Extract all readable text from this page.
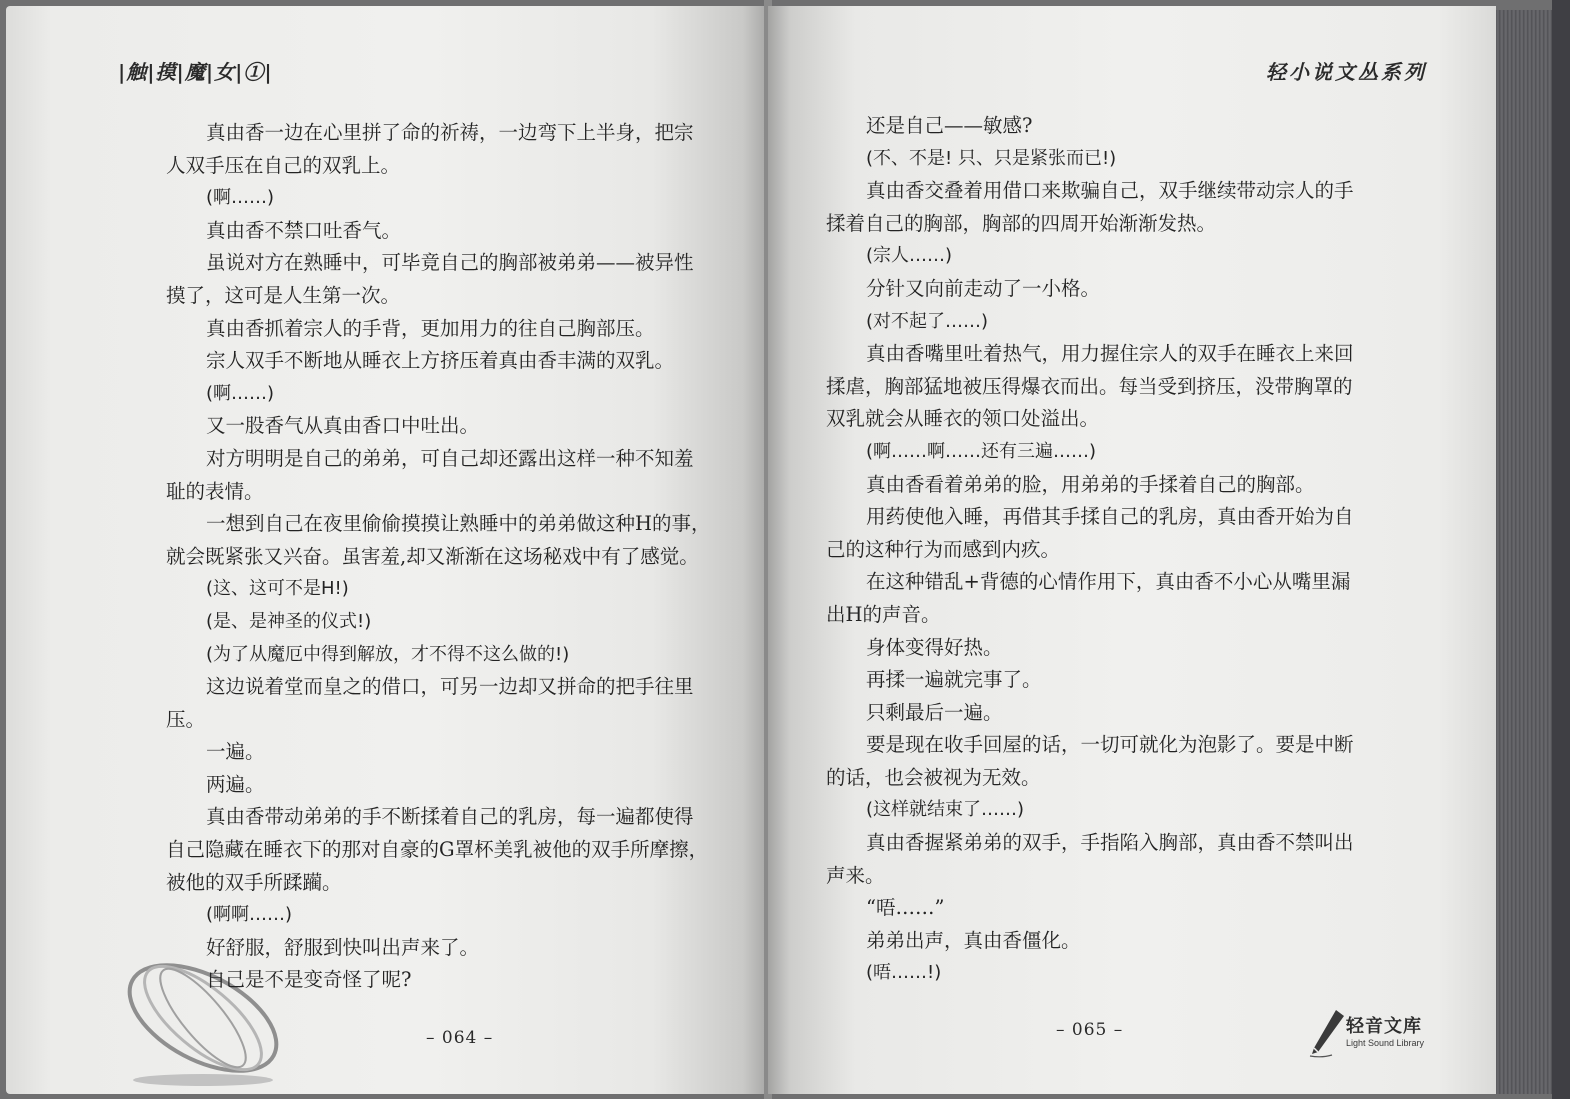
|触|摸|魔|女|①|	轻小说文丛系列
真由香一边在心里拼了命的祈祷，一边弯下上半身，把宗
人双手压在自己的双乳上。
(啊……)
真由香不禁口吐香气。
虽说对方在熟睡中，可毕竟自己的胸部被弟弟——被异性
摸了，这可是人生第一次。
真由香抓着宗人的手背，更加用力的往自己胸部压。
宗人双手不断地从睡衣上方挤压着真由香丰满的双乳。
(啊……)
又一股香气从真由香口中吐出。
对方明明是自己的弟弟，可自己却还露出这样一种不知羞
耻的表情。
一想到自己在夜里偷偷摸摸让熟睡中的弟弟做这种H的事，
就会既紧张又兴奋。虽害羞,却又渐渐在这场秘戏中有了感觉。
(这、这可不是H!)
(是、是神圣的仪式!)
(为了从魔厄中得到解放，才不得不这么做的!)
这边说着堂而皇之的借口，可另一边却又拼命的把手往里
压。
一遍。
两遍。
真由香带动弟弟的手不断揉着自己的乳房，每一遍都使得
自己隐藏在睡衣下的那对自豪的G罩杯美乳被他的双手所摩擦，
被他的双手所蹂躏。
(啊啊……)
好舒服，舒服到快叫出声来了。
自己是不是变奇怪了呢?
还是自己——敏感?
(不、不是! 只、只是紧张而已!)
真由香交叠着用借口来欺骗自己，双手继续带动宗人的手
揉着自己的胸部，胸部的四周开始渐渐发热。
(宗人……)
分针又向前走动了一小格。
(对不起了……)
真由香嘴里吐着热气，用力握住宗人的双手在睡衣上来回
揉虐，胸部猛地被压得爆衣而出。每当受到挤压，没带胸罩的
双乳就会从睡衣的领口处溢出。
(啊……啊……还有三遍……)
真由香看着弟弟的脸，用弟弟的手揉着自己的胸部。
用药使他入睡，再借其手揉自己的乳房，真由香开始为自
己的这种行为而感到内疚。
在这种错乱+背德的心情作用下，真由香不小心从嘴里漏
出H的声音。
身体变得好热。
再揉一遍就完事了。
只剩最后一遍。
要是现在收手回屋的话，一切可就化为泡影了。要是中断
的话，也会被视为无效。
(这样就结束了……)
真由香握紧弟弟的双手，手指陷入胸部，真由香不禁叫出
声来。
“唔……”
弟弟出声，真由香僵化。
(唔……!)
– 064 –	– 065 –	轻音文库
Light Sound Library
